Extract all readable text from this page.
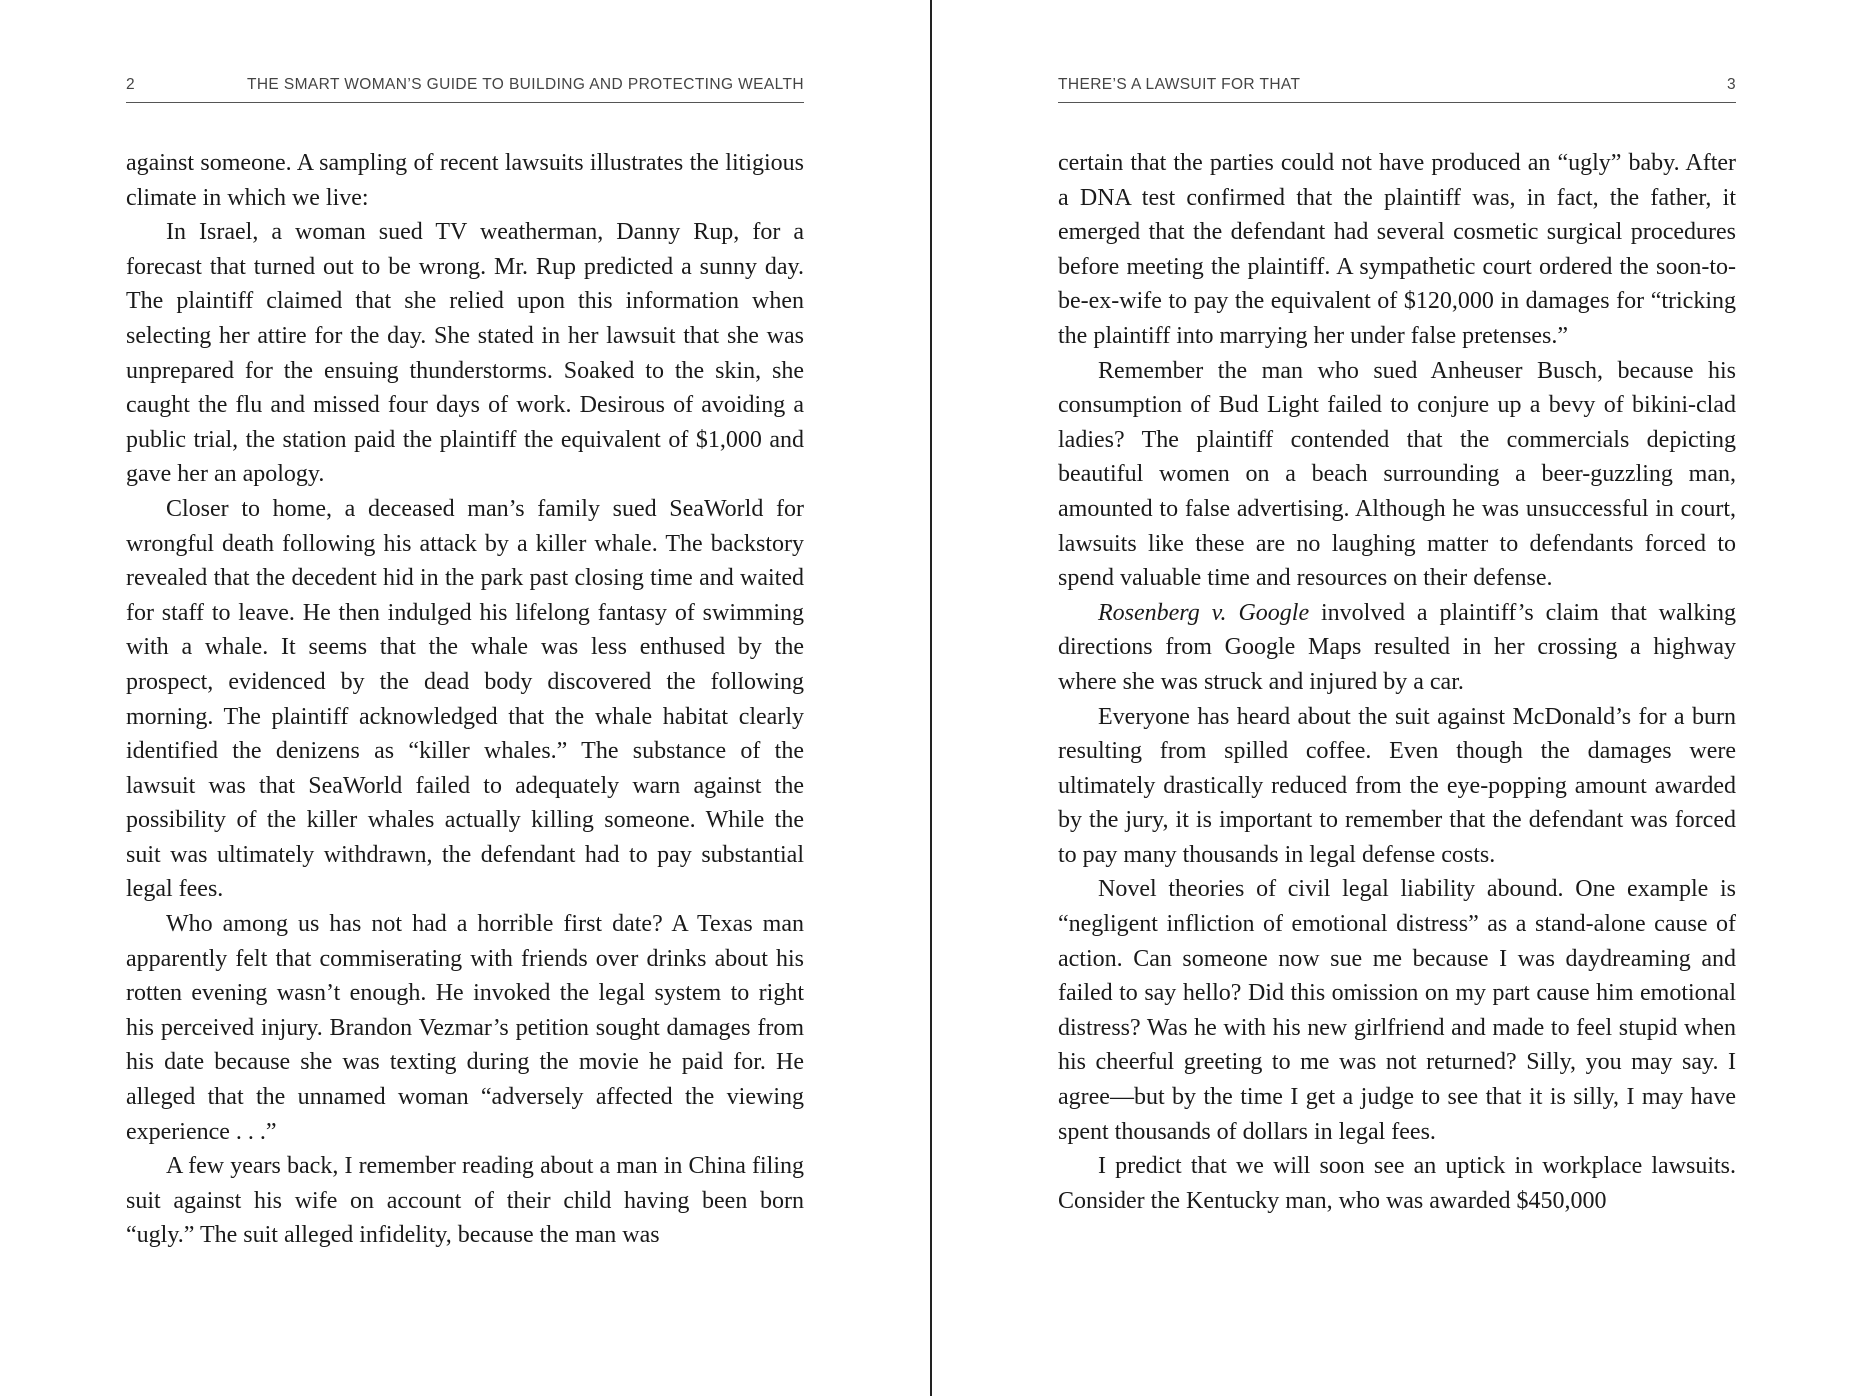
2	THE SMART WOMAN’S GUIDE TO BUILDING AND PROTECTING WEALTH

against someone. A sampling of recent lawsuits illustrates the litigious climate in which we live:

In Israel, a woman sued TV weatherman, Danny Rup, for a forecast that turned out to be wrong. Mr. Rup predicted a sunny day. The plaintiff claimed that she relied upon this information when selecting her attire for the day. She stated in her lawsuit that she was unprepared for the ensuing thunderstorms. Soaked to the skin, she caught the flu and missed four days of work. Desirous of avoiding a public trial, the station paid the plaintiff the equivalent of $1,000 and gave her an apology.

Closer to home, a deceased man’s family sued SeaWorld for wrongful death following his attack by a killer whale. The backstory revealed that the decedent hid in the park past closing time and waited for staff to leave. He then indulged his lifelong fantasy of swimming with a whale. It seems that the whale was less enthused by the prospect, evidenced by the dead body discovered the following morning. The plaintiff acknowledged that the whale habitat clearly identified the denizens as “killer whales.” The substance of the lawsuit was that SeaWorld failed to adequately warn against the possibility of the killer whales actually killing someone. While the suit was ultimately withdrawn, the defendant had to pay substantial legal fees.

Who among us has not had a horrible first date? A Texas man apparently felt that commiserating with friends over drinks about his rotten evening wasn’t enough. He invoked the legal system to right his perceived injury. Brandon Vezmar’s petition sought damages from his date because she was texting during the movie he paid for. He alleged that the unnamed woman “adversely affected the viewing experience . . .”

A few years back, I remember reading about a man in China filing suit against his wife on account of their child having been born “ugly.” The suit alleged infidelity, because the man was

THERE’S A LAWSUIT FOR THAT	3

certain that the parties could not have produced an “ugly” baby. After a DNA test confirmed that the plaintiff was, in fact, the father, it emerged that the defendant had several cosmetic surgical procedures before meeting the plaintiff. A sympathetic court ordered the soon-to-be-ex-wife to pay the equivalent of $120,000 in damages for “tricking the plaintiff into marrying her under false pretenses.”

Remember the man who sued Anheuser Busch, because his consumption of Bud Light failed to conjure up a bevy of bikini-clad ladies? The plaintiff contended that the commercials depicting beautiful women on a beach surrounding a beer-guzzling man, amounted to false advertising. Although he was unsuccessful in court, lawsuits like these are no laughing matter to defendants forced to spend valuable time and resources on their defense.

Rosenberg v. Google involved a plaintiff’s claim that walking directions from Google Maps resulted in her crossing a highway where she was struck and injured by a car.

Everyone has heard about the suit against McDonald’s for a burn resulting from spilled coffee. Even though the damages were ultimately drastically reduced from the eye-popping amount awarded by the jury, it is important to remember that the defendant was forced to pay many thousands in legal defense costs.

Novel theories of civil legal liability abound. One example is “negligent infliction of emotional distress” as a stand-alone cause of action. Can someone now sue me because I was daydreaming and failed to say hello? Did this omission on my part cause him emotional distress? Was he with his new girlfriend and made to feel stupid when his cheerful greeting to me was not returned? Silly, you may say. I agree—but by the time I get a judge to see that it is silly, I may have spent thousands of dollars in legal fees.

I predict that we will soon see an uptick in workplace lawsuits. Consider the Kentucky man, who was awarded $450,000
